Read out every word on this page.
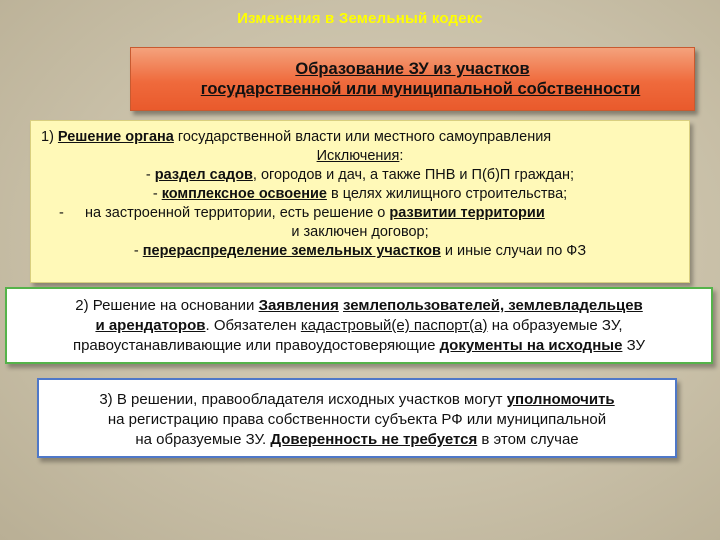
Изменения в Земельный кодекс
Образование ЗУ из участков
государственной или муниципальной собственности
1) Решение органа государственной власти или местного самоуправления
Исключения:
- раздел садов, огородов и дач, а также ПНВ и П(б)П граждан;
- комплексное освоение в целях жилищного строительства;
- на застроенной территории, есть решение о развитии территории
и заключен договор;
- перераспределение земельных участков и иные случаи по ФЗ
2) Решение на основании Заявления землепользователей, землевладельцев
и арендаторов. Обязателен кадастровый(е) паспорт(а) на образуемые ЗУ,
правоустанавливающие или правоудостоверяющие документы на исходные ЗУ
3) В решении, правообладателя исходных участков могут уполномочить
на регистрацию права собственности субъекта РФ или муниципальной
на образуемые ЗУ. Доверенность не требуется в этом случае
